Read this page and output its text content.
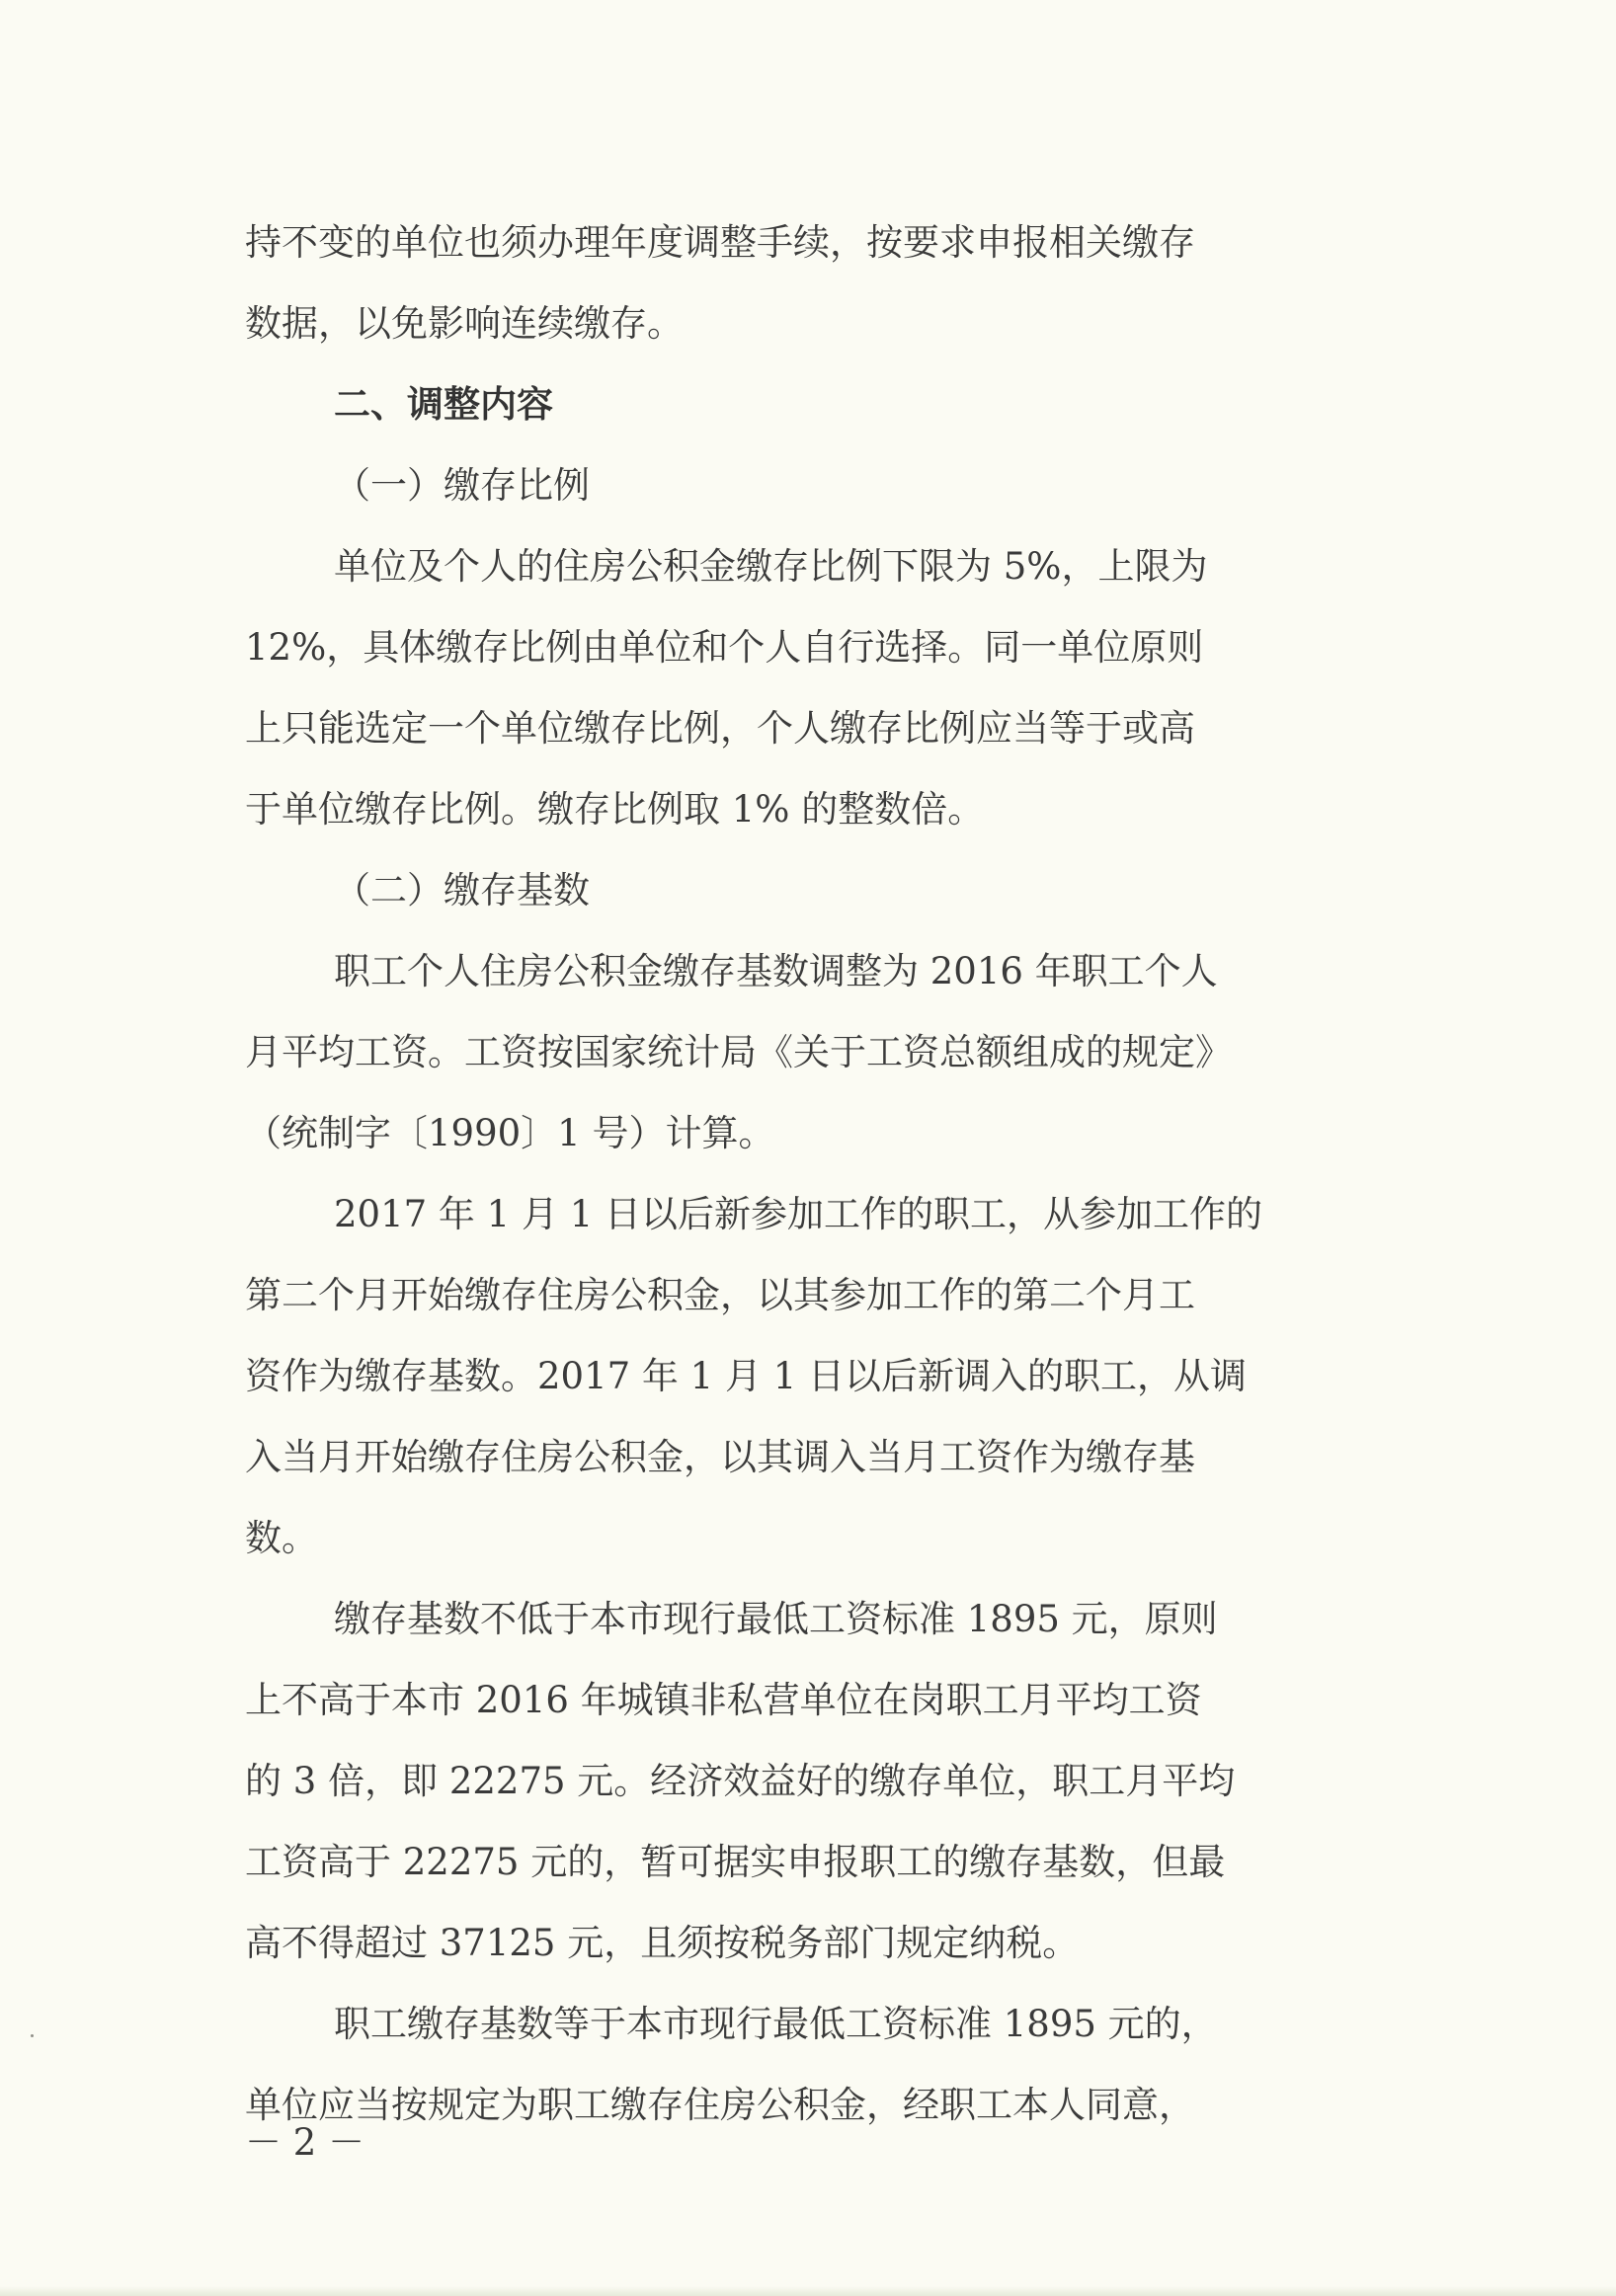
持不变的单位也须办理年度调整手续，按要求申报相关缴存
数据，以免影响连续缴存。
二、调整内容
（一）缴存比例
单位及个人的住房公积金缴存比例下限为 5%，上限为
12%，具体缴存比例由单位和个人自行选择。同一单位原则
上只能选定一个单位缴存比例，个人缴存比例应当等于或高
于单位缴存比例。缴存比例取 1% 的整数倍。
（二）缴存基数
职工个人住房公积金缴存基数调整为 2016 年职工个人
月平均工资。工资按国家统计局《关于工资总额组成的规定》
（统制字〔1990〕1 号）计算。
2017 年 1 月 1 日以后新参加工作的职工，从参加工作的
第二个月开始缴存住房公积金，以其参加工作的第二个月工
资作为缴存基数。2017 年 1 月 1 日以后新调入的职工，从调
入当月开始缴存住房公积金，以其调入当月工资作为缴存基
数。
缴存基数不低于本市现行最低工资标准 1895 元，原则
上不高于本市 2016 年城镇非私营单位在岗职工月平均工资
的 3 倍，即 22275 元。经济效益好的缴存单位，职工月平均
工资高于 22275 元的，暂可据实申报职工的缴存基数，但最
高不得超过 37125 元，且须按税务部门规定纳税。
职工缴存基数等于本市现行最低工资标准 1895 元的，
单位应当按规定为职工缴存住房公积金，经职工本人同意，
－ 2 －
